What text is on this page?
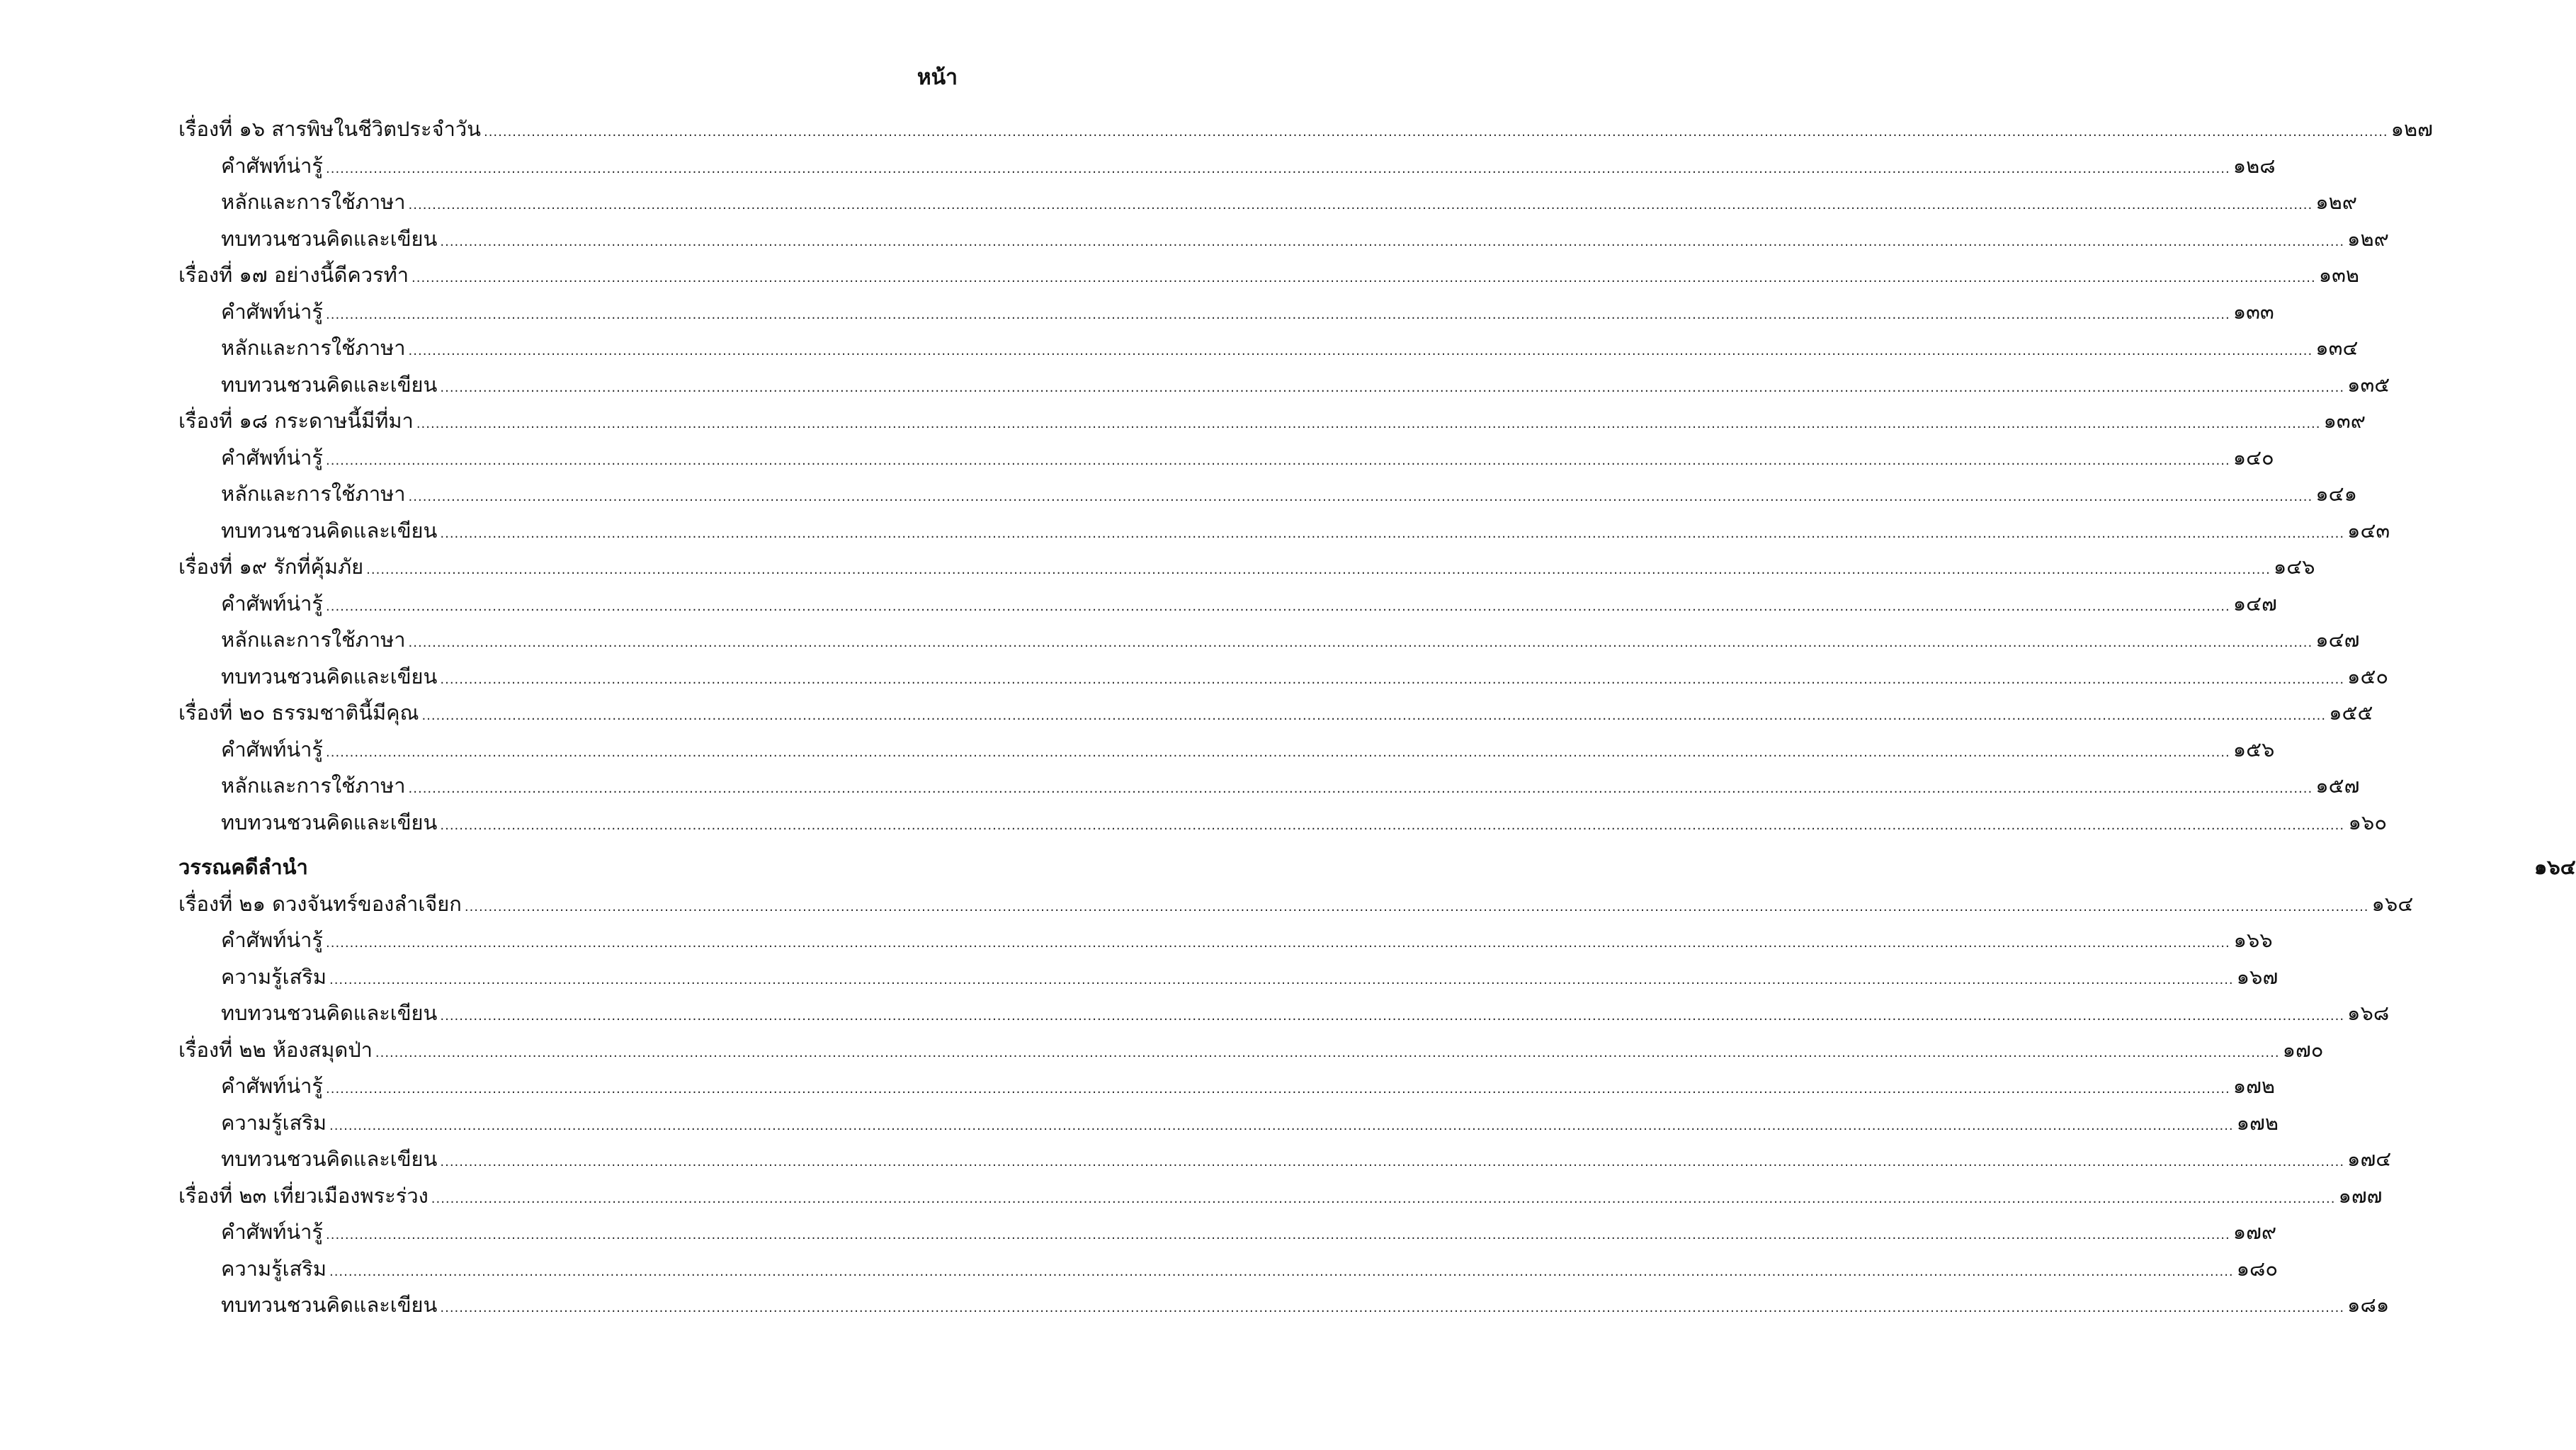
หน้า
เรื่องที่ ๑๖ สารพิษในชีวิตประจำวัน ................................................................................................................................................................................................................................................................................................................................................................................................................ ๑๒๗
คำศัพท์น่ารู้ ................................................................................................................................................................................................................................................................................................................................................................................................................ ๑๒๘
หลักและการใช้ภาษา ................................................................................................................................................................................................................................................................................................................................................................................................................ ๑๒๙
ทบทวนชวนคิดและเขียน ................................................................................................................................................................................................................................................................................................................................................................................................................ ๑๒๙
เรื่องที่ ๑๗ อย่างนี้ดีควรทำ ................................................................................................................................................................................................................................................................................................................................................................................................................ ๑๓๒
คำศัพท์น่ารู้ ................................................................................................................................................................................................................................................................................................................................................................................................................ ๑๓๓
หลักและการใช้ภาษา ................................................................................................................................................................................................................................................................................................................................................................................................................ ๑๓๔
ทบทวนชวนคิดและเขียน ................................................................................................................................................................................................................................................................................................................................................................................................................ ๑๓๕
เรื่องที่ ๑๘ กระดาษนี้มีที่มา ................................................................................................................................................................................................................................................................................................................................................................................................................ ๑๓๙
คำศัพท์น่ารู้ ................................................................................................................................................................................................................................................................................................................................................................................................................ ๑๔๐
หลักและการใช้ภาษา ................................................................................................................................................................................................................................................................................................................................................................................................................ ๑๔๑
ทบทวนชวนคิดและเขียน ................................................................................................................................................................................................................................................................................................................................................................................................................ ๑๔๓
เรื่องที่ ๑๙ รักที่คุ้มภัย ................................................................................................................................................................................................................................................................................................................................................................................................................ ๑๔๖
คำศัพท์น่ารู้ ................................................................................................................................................................................................................................................................................................................................................................................................................ ๑๔๗
หลักและการใช้ภาษา ................................................................................................................................................................................................................................................................................................................................................................................................................ ๑๔๗
ทบทวนชวนคิดและเขียน ................................................................................................................................................................................................................................................................................................................................................................................................................ ๑๕๐
เรื่องที่ ๒๐ ธรรมชาตินี้มีคุณ ................................................................................................................................................................................................................................................................................................................................................................................................................ ๑๕๕
คำศัพท์น่ารู้ ................................................................................................................................................................................................................................................................................................................................................................................................................ ๑๕๖
หลักและการใช้ภาษา ................................................................................................................................................................................................................................................................................................................................................................................................................ ๑๕๗
ทบทวนชวนคิดและเขียน ................................................................................................................................................................................................................................................................................................................................................................................................................ ๑๖๐
วรรณคดีลำนำ	๑๖๔
เรื่องที่ ๒๑ ดวงจันทร์ของลำเจียก ................................................................................................................................................................................................................................................................................................................................................................................................................ ๑๖๔
คำศัพท์น่ารู้ ................................................................................................................................................................................................................................................................................................................................................................................................................ ๑๖๖
ความรู้เสริม ................................................................................................................................................................................................................................................................................................................................................................................................................ ๑๖๗
ทบทวนชวนคิดและเขียน ................................................................................................................................................................................................................................................................................................................................................................................................................ ๑๖๘
เรื่องที่ ๒๒ ห้องสมุดป่า ................................................................................................................................................................................................................................................................................................................................................................................................................ ๑๗๐
คำศัพท์น่ารู้ ................................................................................................................................................................................................................................................................................................................................................................................................................ ๑๗๒
ความรู้เสริม ................................................................................................................................................................................................................................................................................................................................................................................................................ ๑๗๒
ทบทวนชวนคิดและเขียน ................................................................................................................................................................................................................................................................................................................................................................................................................ ๑๗๔
เรื่องที่ ๒๓ เที่ยวเมืองพระร่วง ................................................................................................................................................................................................................................................................................................................................................................................................................ ๑๗๗
คำศัพท์น่ารู้ ................................................................................................................................................................................................................................................................................................................................................................................................................ ๑๗๙
ความรู้เสริม ................................................................................................................................................................................................................................................................................................................................................................................................................ ๑๘๐
ทบทวนชวนคิดและเขียน ................................................................................................................................................................................................................................................................................................................................................................................................................ ๑๘๑
